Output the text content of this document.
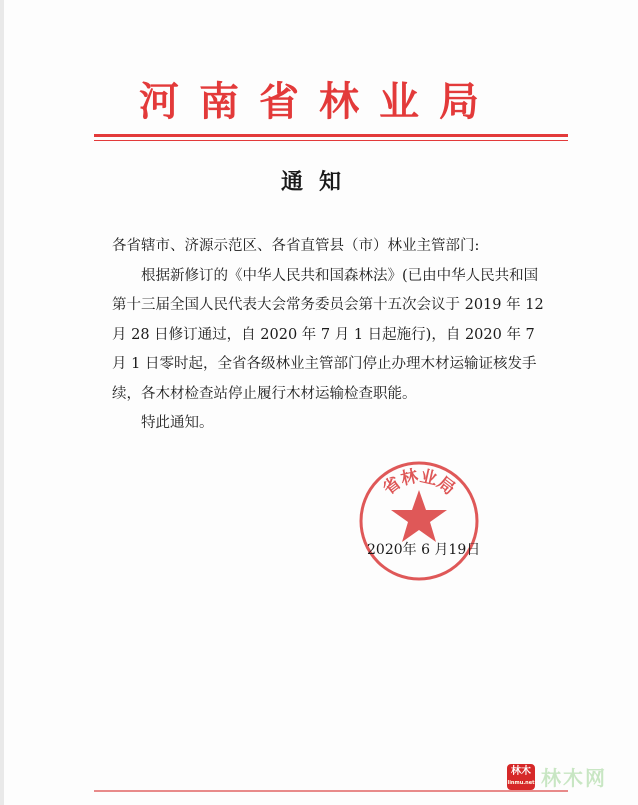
河南省林业局
通知

各省辖市、济源示范区、各省直管县（市）林业主管部门:

根据新修订的《中华人民共和国森林法》(已由中华人民共和国第十三届全国人民代表大会常务委员会第十五次会议于 2019 年 12 月 28 日修订通过，自 2020 年 7 月 1 日起施行)，自 2020 年 7 月 1 日零时起，全省各级林业主管部门停止办理木材运输证核发手续，各木材检查站停止履行木材运输检查职能。

特此通知。

省林业局
2020年 6 月19日
林木
linmu.net 林木网
